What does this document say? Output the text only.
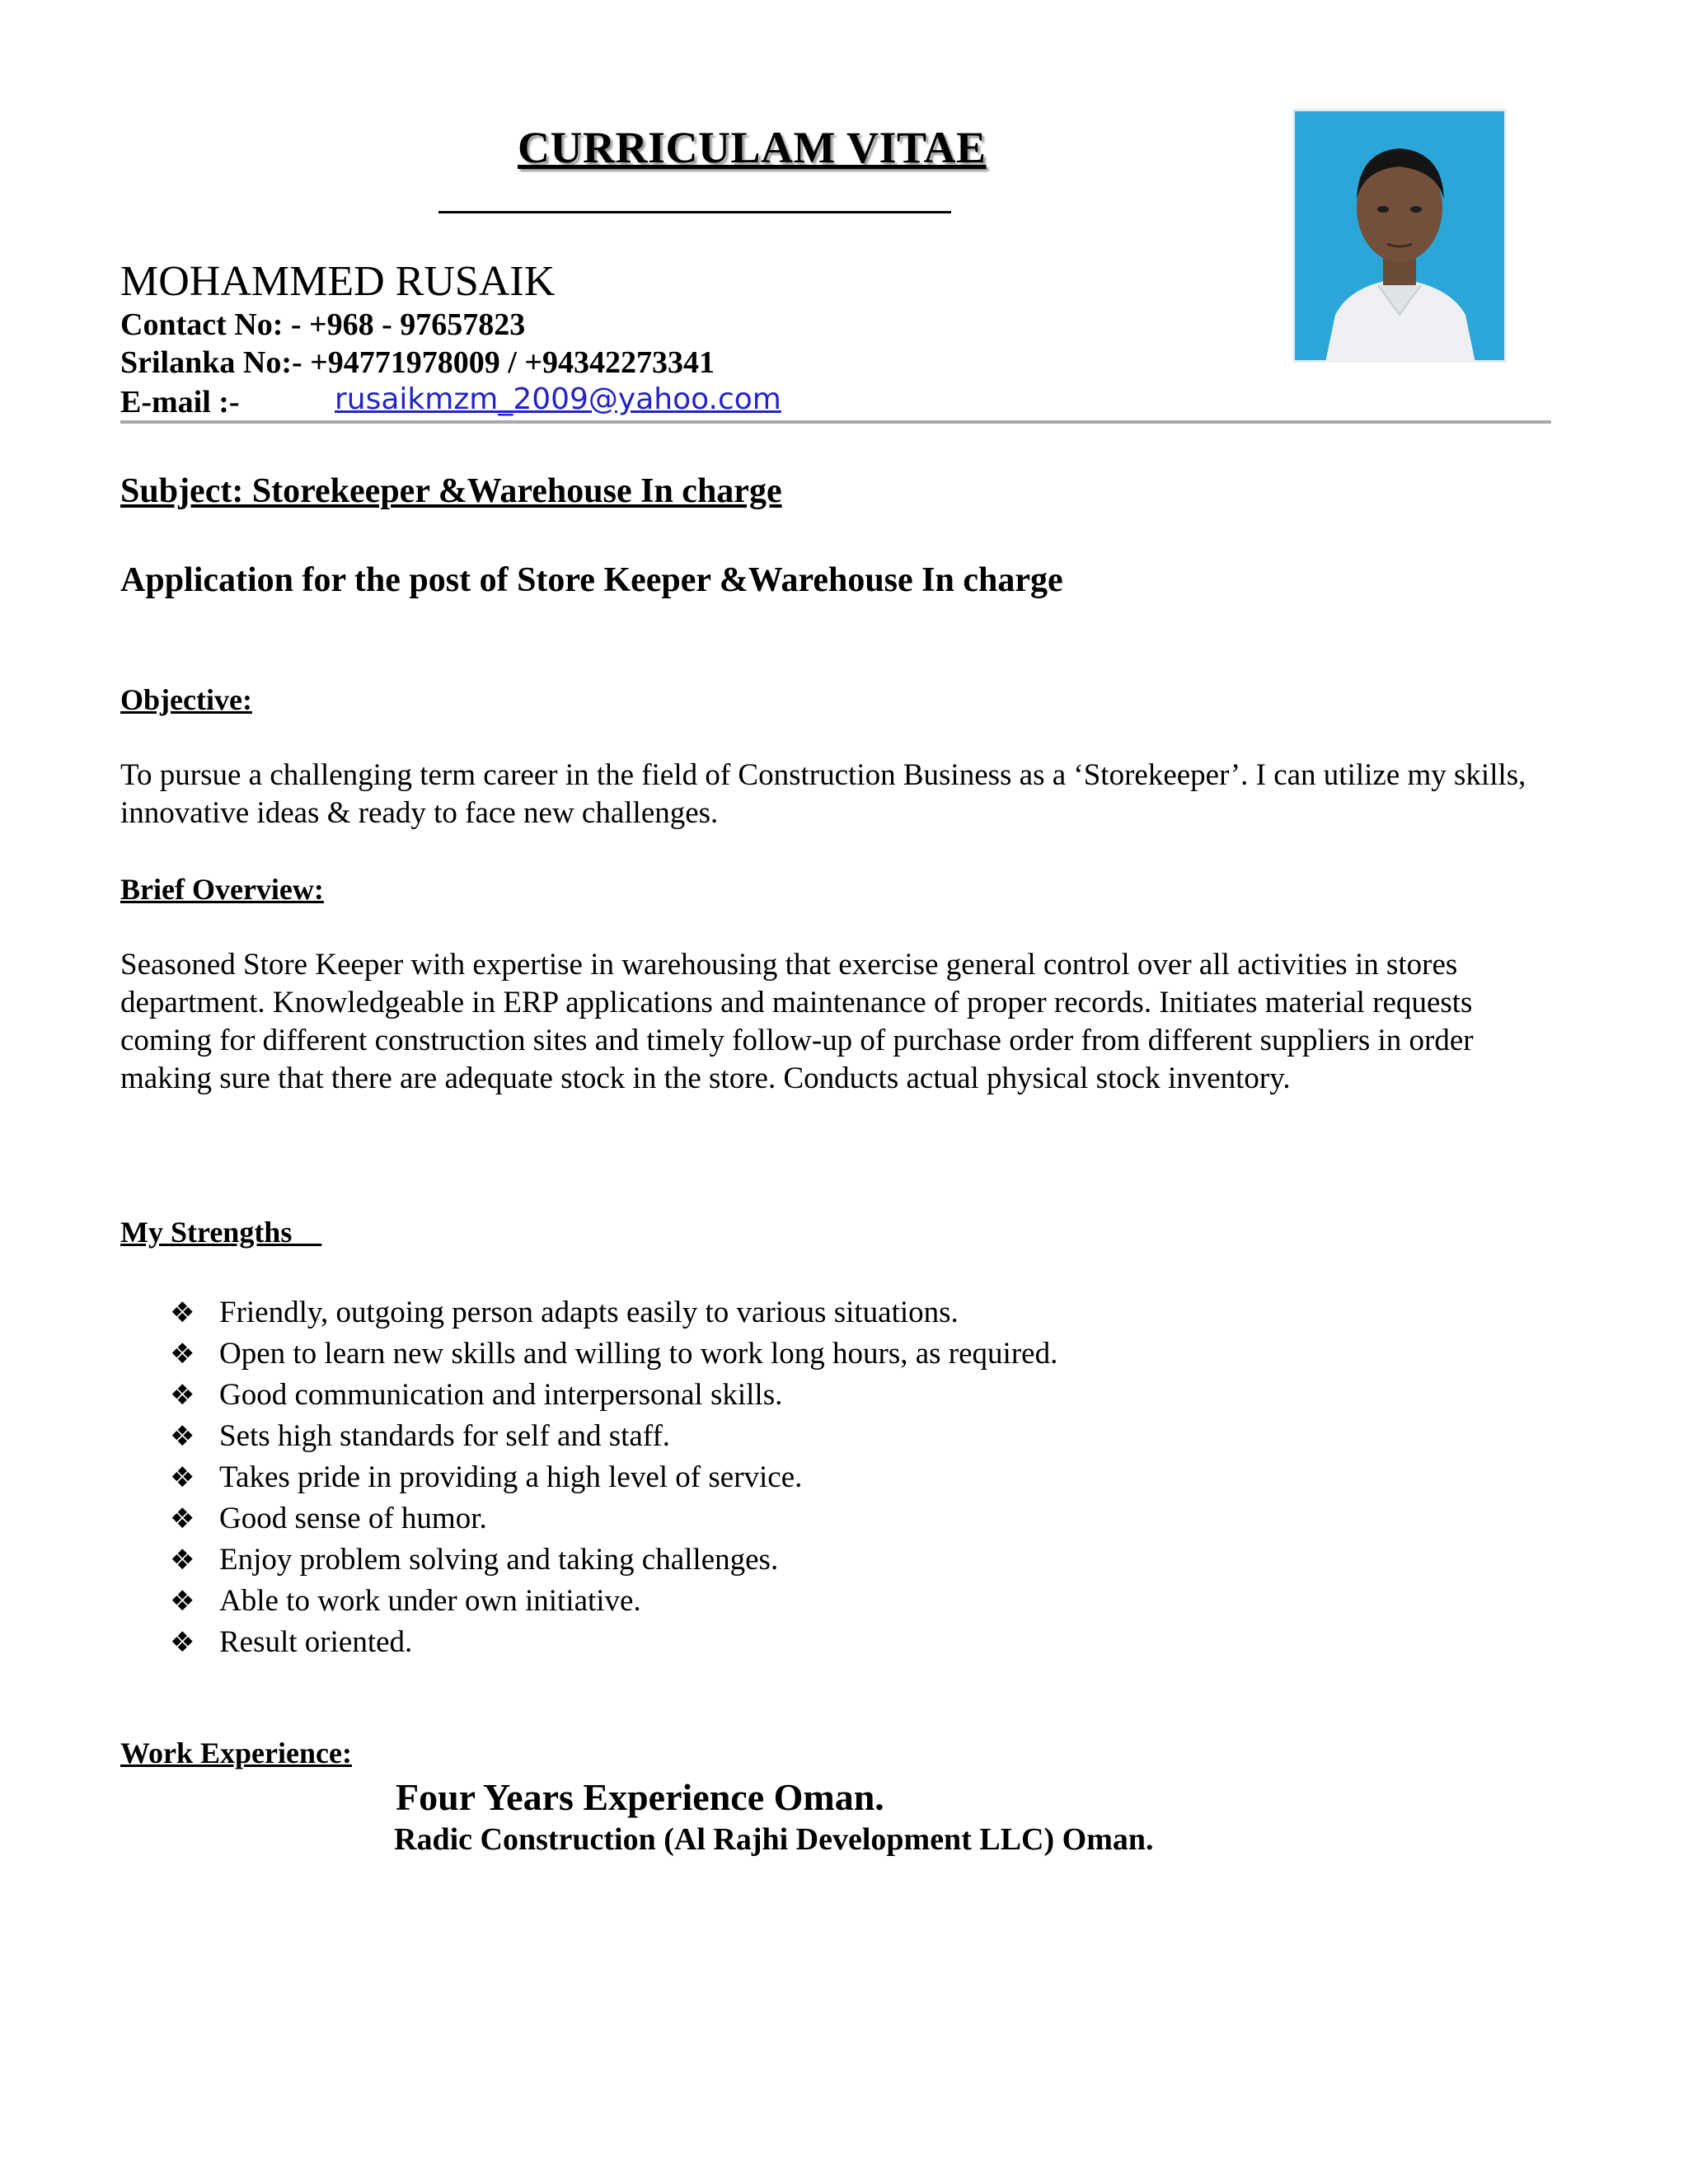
CURRICULAM VITAE
MOHAMMED RUSAIK
Contact No: - +968 - 97657823
Srilanka No:- +94771978009 / +94342273341
E-mail :-	rusaikmzm_2009@yahoo.com
Subject: Storekeeper &Warehouse In charge
Application for the post of Store Keeper &Warehouse In charge
Objective:
To pursue a challenging term career in the field of Construction Business as a ‘Storekeeper’. I can utilize my skills, innovative ideas & ready to face new challenges.
Brief Overview:
Seasoned Store Keeper with expertise in warehousing that exercise general control over all activities in stores department. Knowledgeable in ERP applications and maintenance of proper records. Initiates material requests coming for different construction sites and timely follow-up of purchase order from different suppliers in order making sure that there are adequate stock in the store. Conducts actual physical stock inventory.
My Strengths
❖ Friendly, outgoing person adapts easily to various situations.
❖ Open to learn new skills and willing to work long hours, as required.
❖ Good communication and interpersonal skills.
❖ Sets high standards for self and staff.
❖ Takes pride in providing a high level of service.
❖ Good sense of humor.
❖ Enjoy problem solving and taking challenges.
❖ Able to work under own initiative.
❖ Result oriented.
Work Experience:
Four Years Experience Oman.
Radic Construction (Al Rajhi Development LLC) Oman.
